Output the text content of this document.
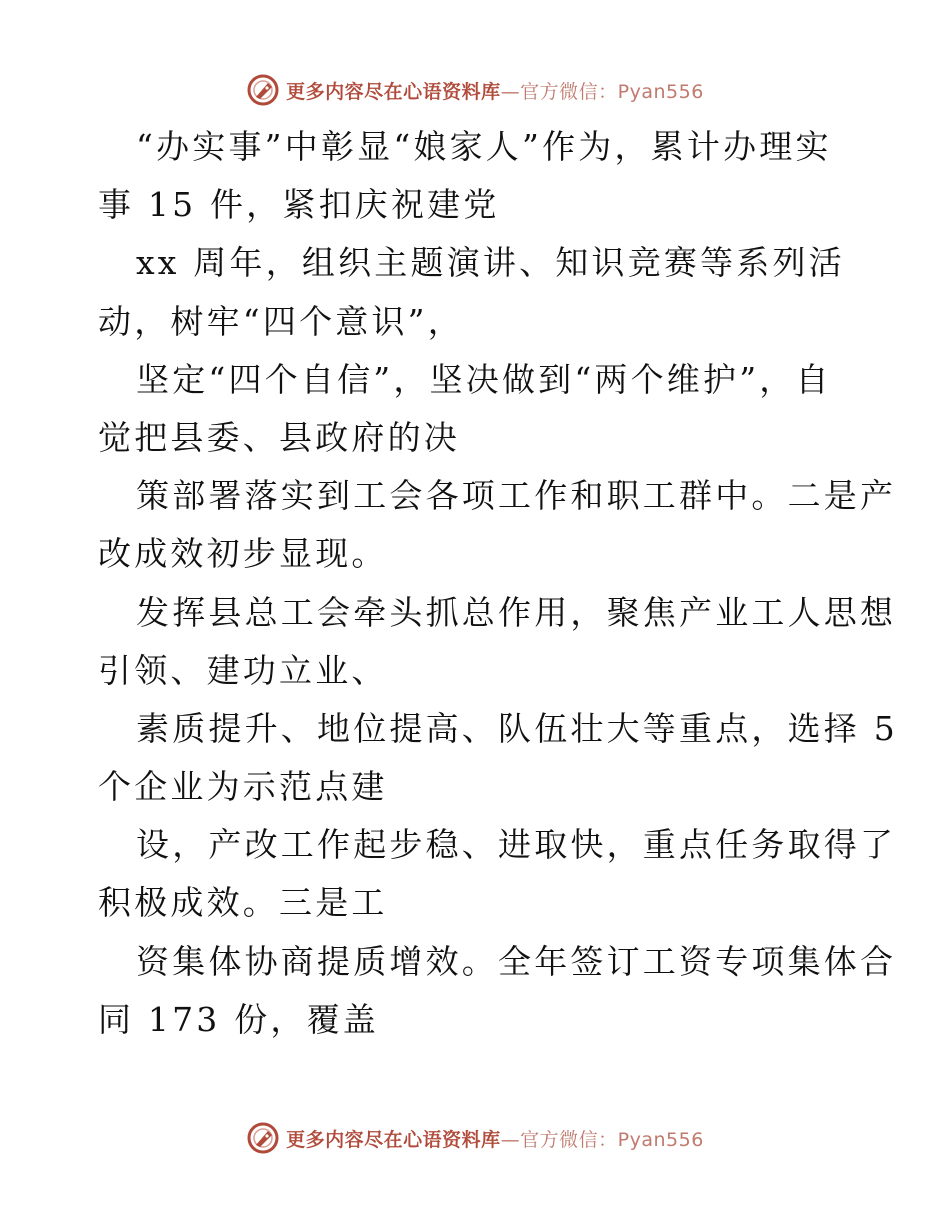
更多内容尽在心语资料库—官方微信：Pyan556
“办实事”中彰显“娘家人”作为，累计办理实
事 15 件，紧扣庆祝建党
xx 周年，组织主题演讲、知识竞赛等系列活
动，树牢“四个意识”，
坚定“四个自信”，坚决做到“两个维护”，自
觉把县委、县政府的决
策部署落实到工会各项工作和职工群中。二是产
改成效初步显现。
发挥县总工会牵头抓总作用，聚焦产业工人思想
引领、建功立业、
素质提升、地位提高、队伍壮大等重点，选择 5
个企业为示范点建
设，产改工作起步稳、进取快，重点任务取得了
积极成效。三是工
资集体协商提质增效。全年签订工资专项集体合
同 173 份，覆盖
更多内容尽在心语资料库—官方微信：Pyan556
